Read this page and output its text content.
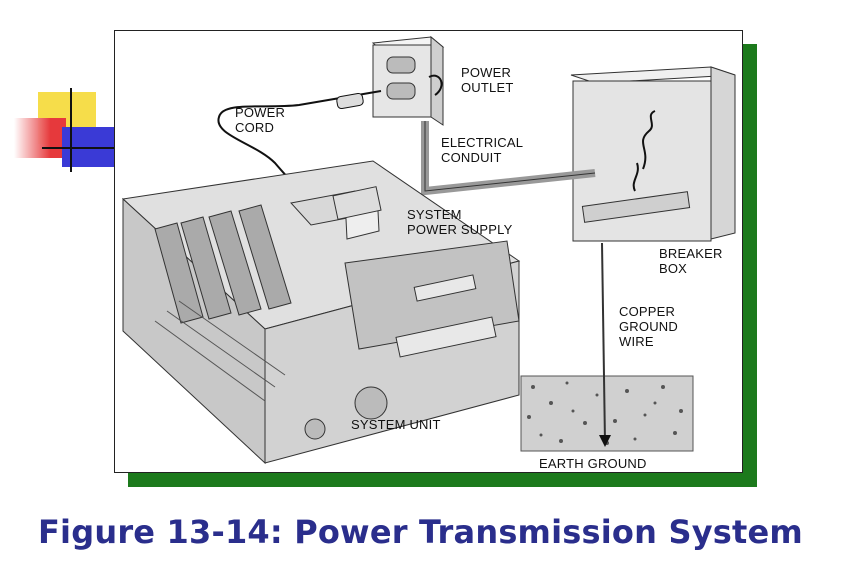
POWER
OUTLET
POWER
CORD
ELECTRICAL
CONDUIT
SYSTEM
POWER SUPPLY
BREAKER
BOX
COPPER
GROUND
WIRE
SYSTEM UNIT
EARTH GROUND
Figure 13-14: Power Transmission System
